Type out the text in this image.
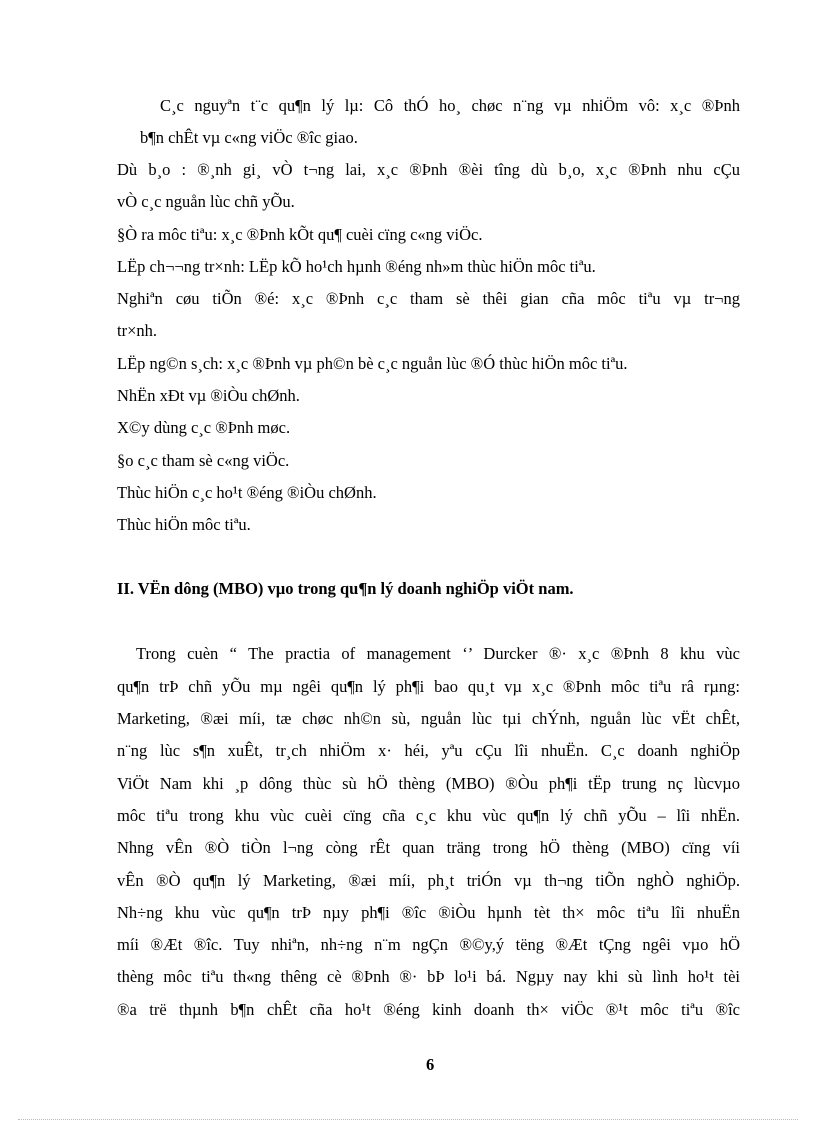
C¸c nguyªn t¨c qu¶n lý lµ: Cô thÓ ho¸ chøc n¨ng vµ nhiÖm vô: x¸c ®Þnh
b¶n chÊt vµ c«ng viÖc ®îc giao.
Dù b¸o : ®¸nh gi¸ vÒ t¬ng lai, x¸c ®Þnh ®èi tîng dù b¸o, x¸c ®Þnh nhu cÇu
vÒ c¸c nguån lùc chñ yÕu.
§Ò ra môc tiªu: x¸c ®Þnh kÕt qu¶ cuèi cïng c«ng viÖc.
LËp ch¬¬ng tr×nh: LËp kÕ ho¹ch hµnh ®éng nh»m thùc hiÖn môc tiªu.
Nghiªn cøu tiÕn ®é: x¸c ®Þnh c¸c tham sè thêi gian cña môc tiªu vµ tr¬ng
tr×nh.
LËp ng©n s¸ch: x¸c ®Þnh vµ ph©n bè c¸c nguån lùc ®Ó thùc hiÖn môc tiªu.
NhËn xÐt vµ ®iÒu chØnh.
X©y dùng c¸c ®Þnh møc.
§o c¸c tham sè c«ng viÖc.
Thùc hiÖn c¸c ho¹t ®éng ®iÒu chØnh.
Thùc hiÖn môc tiªu.
II. VËn dông (MBO) vµo trong qu¶n lý doanh nghiÖp viÖt nam.
Trong cuèn “ The practia of management ‘’ Durcker ®· x¸c ®Þnh 8 khu vùc
qu¶n trÞ chñ yÕu mµ ngêi qu¶n lý ph¶i bao qu¸t vµ x¸c ®Þnh môc tiªu râ rµng:
Marketing, ®æi míi, tæ chøc nh©n sù, nguån lùc tµi chÝnh, nguån lùc vËt chÊt,
n¨ng lùc s¶n xuÊt, tr¸ch nhiÖm x· héi, yªu cÇu lîi nhuËn. C¸c doanh nghiÖp
ViÖt Nam khi ¸p dông thùc sù hÖ thèng (MBO) ®Òu ph¶i tËp trung nç lùcvµo
môc tiªu trong khu vùc cuèi cïng cña c¸c khu vùc qu¶n lý chñ yÕu – lîi nhËn.
Nhng vÊn ®Ò tiÒn l¬ng còng rÊt quan träng trong hÖ thèng (MBO) cïng víi
vÊn ®Ò qu¶n lý Marketing, ®æi míi, ph¸t triÓn vµ th¬ng tiÕn nghÒ nghiÖp.
Nh÷ng khu vùc qu¶n trÞ nµy ph¶i ®îc ®iÒu hµnh tèt th× môc tiªu lîi nhuËn
míi ®Æt ®îc. Tuy nhiªn, nh÷ng n¨m ngÇn ®©y,ý tëng ®Æt tÇng ngêi vµo hÖ
thèng môc tiªu th«ng thêng cè ®Þnh ®· bÞ lo¹i bá. Ngµy nay khi sù lình ho¹t tèi
®a trë thµnh b¶n chÊt cña ho¹t ®éng kinh doanh th× viÖc ®¹t môc tiªu ®îc
6
